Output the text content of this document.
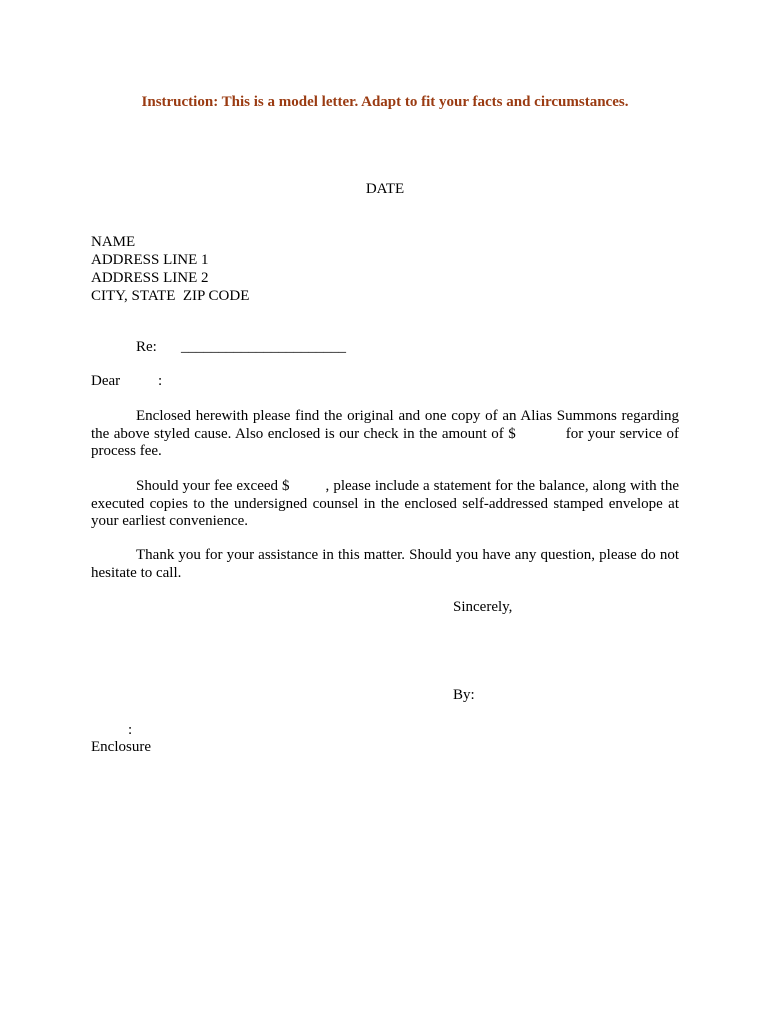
Instruction: This is a model letter. Adapt to fit your facts and circumstances.
DATE
NAME
ADDRESS LINE 1
ADDRESS LINE 2
CITY, STATE  ZIP CODE
Re: ______________________
Dear	:
Enclosed herewith please find the original and one copy of an Alias Summons regarding the above styled cause. Also enclosed is our check in the amount of $	for your service of process fee.
Should your fee exceed $ , please include a statement for the balance, along with the executed copies to the undersigned counsel in the enclosed self-addressed stamped envelope at your earliest convenience.
Thank you for your assistance in this matter. Should you have any question, please do not hesitate to call.
Sincerely,
By:
:
Enclosure
